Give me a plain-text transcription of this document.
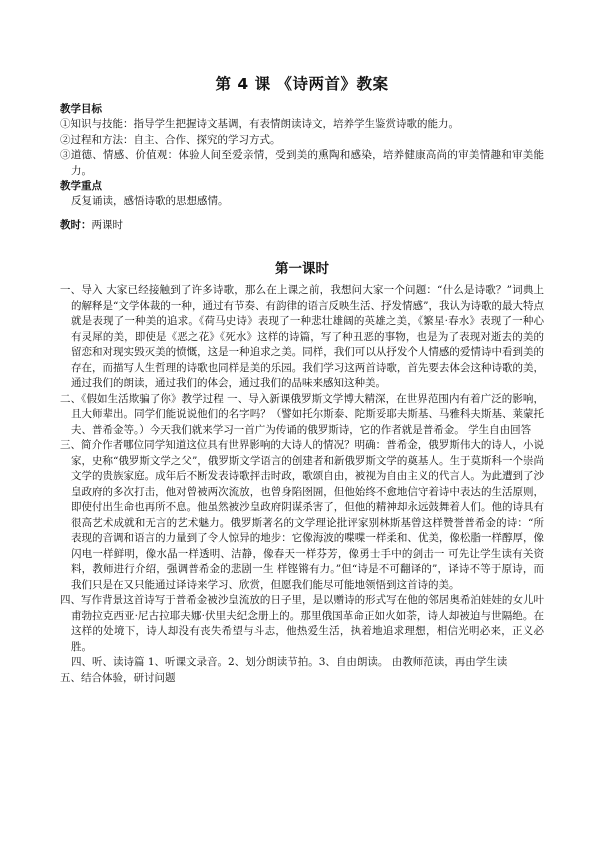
第 4 课 《诗两首》教案
教学目标

①知识与技能：指导学生把握诗文基调，有表情朗读诗文，培养学生鉴赏诗歌的能力。

②过程和方法：自主、合作、探究的学习方式。

③道德、情感、价值观：体验人间至爱亲情，受到美的熏陶和感染，培养健康高尚的审美情趣和审美能力。

教学重点

反复诵读，感悟诗歌的思想感情。

教时：两课时

第一课时

一、导入 大家已经接触到了许多诗歌，那么在上课之前，我想问大家一个问题：“什么是诗歌？”词典上的解释是“文学体裁的一种，通过有节奏、有韵律的语言反映生活、抒发情感”，我认为诗歌的最大特点就是表现了一种美的追求。《荷马史诗》表现了一种悲壮雄阔的英雄之美，《繁星·春水》表现了一种心有灵犀的美，即使是《恶之花》《死水》这样的诗篇，写了种丑恶的事物，也是为了表现对逝去的美的留恋和对现实毁灭美的愤慨，这是一种追求之美。同样，我们可以从抒发个人情感的爱情诗中看到美的存在，而描写人生哲理的诗歌也同样是美的乐园。我们学习这两首诗歌，首先要去体会这种诗歌的美，通过我们的朗读，通过我们的体会，通过我们的品味来感知这种美。

二、《假如生活欺骗了你》教学过程 一、导入新课俄罗斯文学博大精深，在世界范围内有着广泛的影响，且大师辈出。同学们能说说他们的名字吗？（譬如托尔斯泰、陀斯妥耶夫斯基、马雅科夫斯基、莱蒙托夫、普希金等。）今天我们就来学习一首广为传诵的俄罗斯诗，它的作者就是普希金。 学生自由回答

三、简介作者哪位同学知道这位具有世界影响的大诗人的情况？明确：普希金，俄罗斯伟大的诗人，小说家，史称“俄罗斯文学之父”，俄罗斯文学语言的创建者和新俄罗斯文学的奠基人。生于莫斯科一个崇尚文学的贵族家庭。成年后不断发表诗歌抨击时政，歌颂自由，被视为自由主义的代言人。为此遭到了沙皇政府的多次打击，他对曾被两次流放，也曾身陷囹圄，但他始终不愈地信守着诗中表达的生活原则，即使付出生命也再所不息。他虽然被沙皇政府阴谋杀害了，但他的精神却永远鼓舞着人们。他的诗具有很高艺术成就和无言的艺术魅力。俄罗斯著名的文学理论批评家别林斯基曾这样赞誉普希金的诗：“所表现的音调和语言的力量到了令人惊异的地步：它像海波的喋喋一样柔和、优美，像松脂一样醇厚，像闪电一样鲜明，像水晶一样透明、洁静，像春天一样芬芳，像勇士手中的剑击一 可先让学生读有关资料，教师进行介绍，强调普希金的悲剧一生 样铿锵有力。”但“诗是不可翻译的”，译诗不等于原诗，而我们只是在又只能通过译诗来学习、欣赏，但愿我们能尽可能地领悟到这首诗的美。

四、写作背景这首诗写于普希金被沙皇流放的日子里，是以赠诗的形式写在他的邻居奥希泊娃娃的女儿叶甫勃拉克西亚·尼古拉耶夫娜·伏里夫纪念册上的。那里俄国革命正如火如荼，诗人却被迫与世隔绝。在这样的处境下，诗人却没有丧失希望与斗志，他热爱生活，执着地追求理想，相信光明必来，正义必胜。

四、听、读诗篇 1、听课文录音。2、划分朗读节拍。3、自由朗读。 由教师范读，再由学生读

五、结合体验，研讨问题
